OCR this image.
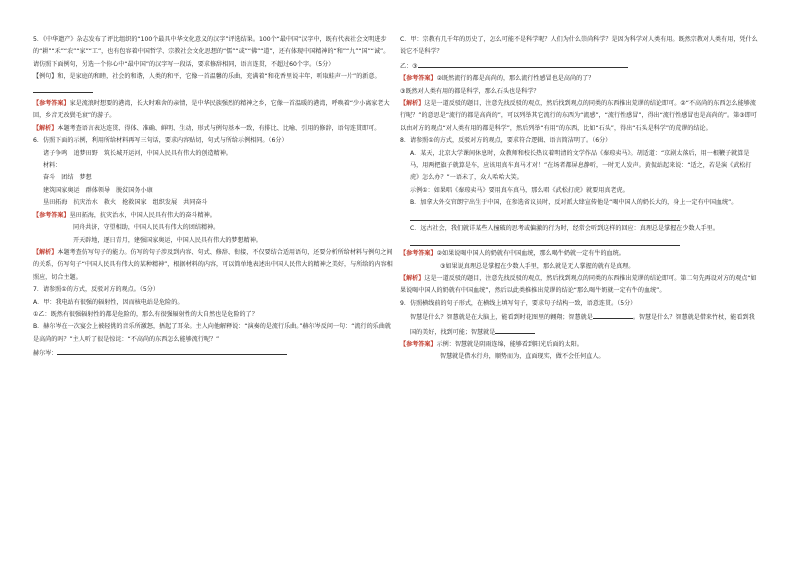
5．《中华遗产》杂志发布了评比组织的“100个最具中华文化意义的汉字”评选结果。100个“最中国”汉字中，既有代表社会文明进步的“耕”“禾”“农”“家”“工”，也有包容着中国哲学、宗教社会文化思想的“儒”“或”“佛”“道”，还有体现中国精神的“和”“九”“国”“诚”。请仿照下面例句，另选一个你心中“最中国”的汉字写一段话，要求修辞相同，语言连贯，不超过60个字。（5分）

【例句】和，是家庭的和睦，社会的和谐，人类的和平，它像一首温馨的乐曲，充满着“和花香里说丰年，听取蛙声一片”的新意。

【参考答案】家是流浪时想要的港湾，长大时难舍的亲情，是中华民族强烈的精神之乡，它像一首温暖的港湾，呼唤着“少小离家老大回，乡音无改鬓毛衰”的游子。

【解析】本题考查语言表达连贯、得体、准确、鲜明、生动，形式与例句基本一致，有排比、比喻、引用的修辞，语句连贯即可。

6．仿照下面的示例，利用所给材料再写三句话，要求内容贴切，句式与所给示例相同。（6分）

诸子争鸣　追梦田野　筑长城开运河，中国人民具有伟大的创造精神。

材料：

奋斗　团结　梦想

建筑国家奥运　群体领导　脱贫国务小康

垦田拓海　抗灾治水　救火　抢救国家　组织发展　共同奋斗

【参考答案】垦田拓海，抗灾治水，中国人民具有伟大的奋斗精神。

同舟共济，守望相助，中国人民具有伟大的团结精神。

开天辟地，逐日青月，建强国家奥运，中国人民具有伟大的梦想精神。

【解析】本题考查仿写句子的能力。仿写的句子涉及到内容、句式、修辞、衔接，不仅要结合适用语句，还要分析所给材料与例句之间的关系，仿写句子“中国人民具有伟大的某种精神”，根据材料的内容，可以简单地表述出中国人民伟大的精神之美好，与所给的内容相照应，切合主题。

7．请参照①的方式，反驳对方的观点。（5分）

A．甲：我电站有很强的辐射性，因而核电站是危险的。

①乙：既然有很强辐射性的都是危险的，那么有很强辐射性的大自然也是危险的了？

B．赫尔岑在一次宴会上被轻佻的音乐所激怒，捂起了耳朵。主人向他解释说：“演奏的是流行乐曲。”赫尔岑反问一句：“流行的乐曲就是高尚的吗？”主人听了很是惊诧：“不高尚的东西怎么能够流行呢？”

赫尔岑：

C．甲：宗教有几千年的历史了，怎么可能不是科学呢？人们为什么崇尚科学？是因为科学对人类有用。既然宗教对人类有用，凭什么说它不是科学？

乙：③

【参考答案】②既然流行的都是高尚的，那么流行性感冒也是高尚的了？

③既然对人类有用的都是科学，那么石头也是科学？

【解析】这是一道反驳的题目，注意先找反驳的观点，然后找到观点的同类的东西推出荒谬的结论即可。②“不高尚的东西怎么能够流行呢？”的意思是“流行的都是高尚的”，可以列举其它流行的东西为“流感”，“流行性感冒”，得出“流行性感冒也是高尚的”。第③即可以由对方的观点“对人类有用的都是科学”，然后列举“有用”的东西，比如“石头”，得出“石头是科学”的荒谬的结论。

8．请参照①的方式，反驳对方的观点，要求符合逻辑、语言简洁明了。（6分）

A．某天，北京大学课间休息时，众教师和校长热议着明清的文学作品《秦琼卖马》。胡适道：“京剧太落后，用一根鞭子就算是马，用两把旗子就算是车，应该用真车真马才对！”在场者都屏息静听，一时无人发声。黄侃站起来说：“适之，若是演《武松打虎》怎么办？”一语未了，众人哈哈大笑。

示例①：如果唱《秦琼卖马》要用真车真马，那么唱《武松打虎》就要用真老虎。

B．加拿大外交官朗宁出生于中国，在参选省议员时，反对派大肆宣传他是“喝中国人的奶长大的，身上一定有中国血统”。

C．远古社会，我们就详某些人撞破的思考或偏激的行为时，经常会听到这样的回应：真理总是掌握在少数人手里。

【参考答案】②如果说喝中国人的奶就有中国血统，那么喝牛奶就一定有牛的血统。

③如果说真理总是掌握在少数人手里，那么就是无人掌握的就有是真理。

【解析】这是一道反驳的题目，注意先找反驳的观点，然后找到观点的同类的东西推出荒谬的结论即可。第二句先再设对方的观点“如果说喝中国人的奶就有中国血统”，然后以此类推推出荒谬的结论“那么喝牛奶就一定有牛的血统”。

9．仿照横线前的句子形式，在横线上填写句子，要求句子结构一致，语意连贯。（5分）

智慧是什么？智慧就是在大脑上，能看到时花图里的翱翔；智慧就是	。智慧是什么？智慧就是借来竹杖，能看到我国的美好，找到可能；智慧就是

【参考答案】示例：智慧就是阴雨连绵，能够看到阳光后面的太阳。

智慧就是借水行舟，顺势而为，直面现实，做不会任何直人。
